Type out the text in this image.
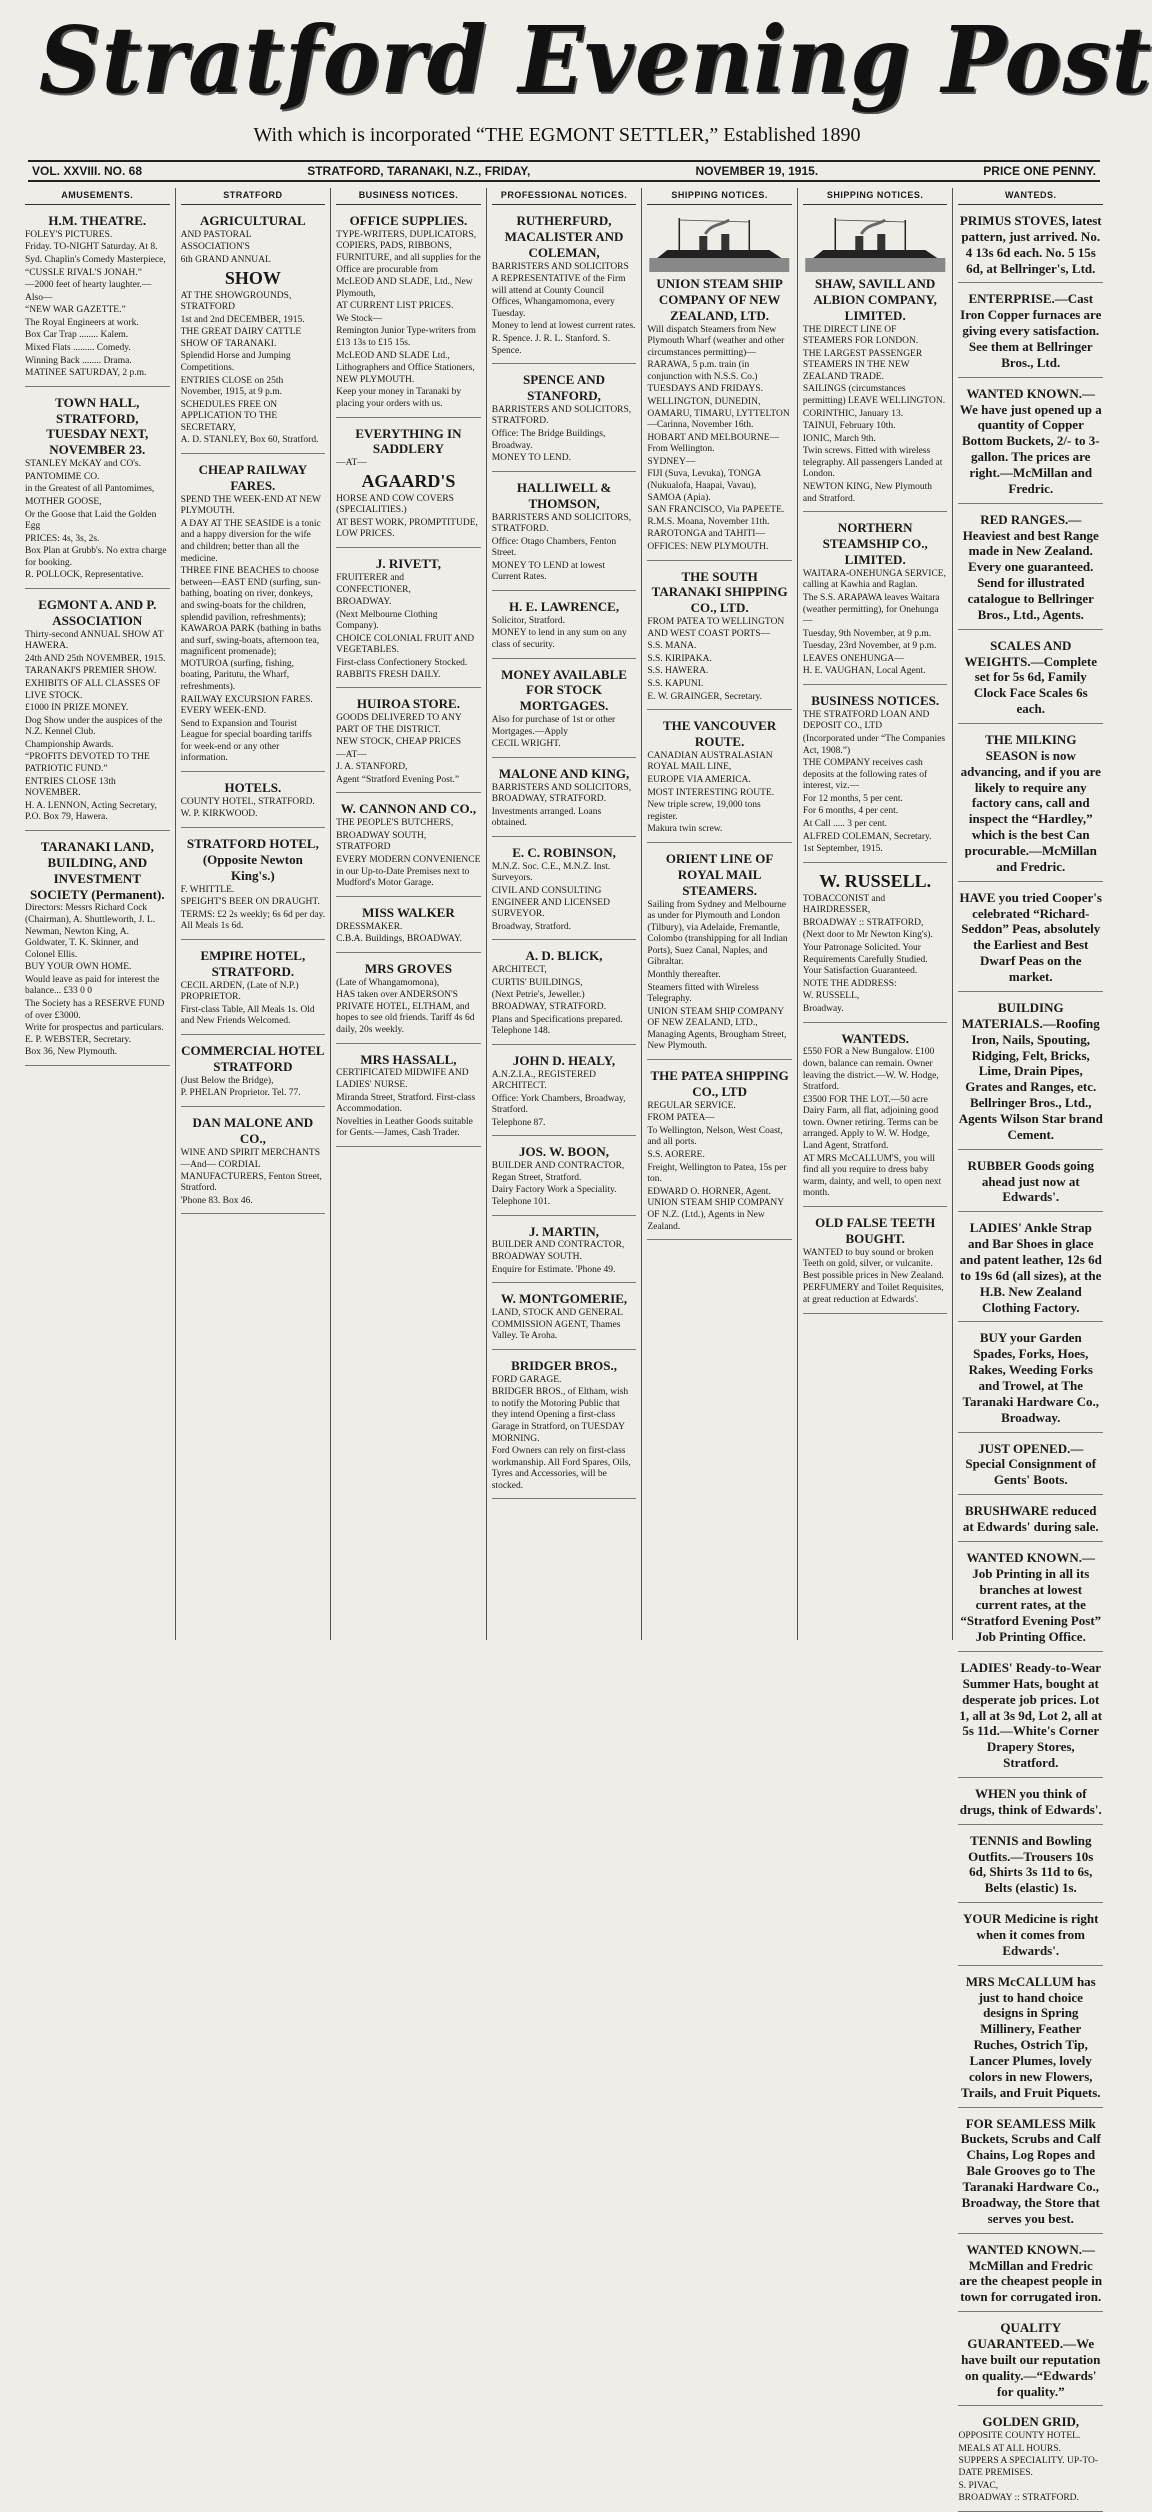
Stratford Evening Post
With which is incorporated “THE EGMONT SETTLER,” Established 1890
VOL. XXVIII. NO. 68	STRATFORD, TARANAKI, N.Z., FRIDAY,	NOVEMBER 19, 1915.	PRICE ONE PENNY.
AMUSEMENTS.

H.M. THEATRE.

FOLEY'S PICTURES.

Friday. TO-NIGHT Saturday. At 8.

Syd. Chaplin's Comedy Masterpiece,

“CUSSLE RIVAL'S JONAH.”

—2000 feet of hearty laughter.—

Also—

“NEW WAR GAZETTE.”

The Royal Engineers at work.

Box Car Trap ........ Kalem.

Mixed Flats ......... Comedy.

Winning Back ........ Drama.

MATINEE SATURDAY, 2 p.m.

TOWN HALL, STRATFORD, TUESDAY NEXT, NOVEMBER 23.

STANLEY McKAY and CO's.

PANTOMIME CO.

in the Greatest of all Pantomimes,

MOTHER GOOSE,

Or the Goose that Laid the Golden Egg

PRICES: 4s, 3s, 2s.

Box Plan at Grubb's. No extra charge for booking.

R. POLLOCK, Representative.

EGMONT A. AND P. ASSOCIATION

Thirty-second ANNUAL SHOW AT HAWERA.

24th AND 25th NOVEMBER, 1915.

TARANAKI'S PREMIER SHOW.

EXHIBITS OF ALL CLASSES OF LIVE STOCK.

£1000 IN PRIZE MONEY.

Dog Show under the auspices of the N.Z. Kennel Club.

Championship Awards.

“PROFITS DEVOTED TO THE PATRIOTIC FUND.”

ENTRIES CLOSE 13th NOVEMBER.

H. A. LENNON, Acting Secretary, P.O. Box 79, Hawera.

TARANAKI LAND, BUILDING, AND INVESTMENT SOCIETY (Permanent).

Directors: Messrs Richard Cock (Chairman), A. Shuttleworth, J. L. Newman, Newton King, A. Goldwater, T. K. Skinner, and Colonel Ellis.

BUY YOUR OWN HOME.

Would leave as paid for interest the balance... £33 0 0

The Society has a RESERVE FUND of over £3000.

Write for prospectus and particulars. E. P. WEBSTER, Secretary.

Box 36, New Plymouth.

STRATFORD

AGRICULTURAL

AND PASTORAL

ASSOCIATION'S

6th GRAND ANNUAL

SHOW

AT THE SHOWGROUNDS, STRATFORD

1st and 2nd DECEMBER, 1915.

THE GREAT DAIRY CATTLE SHOW OF TARANAKI.

Splendid Horse and Jumping Competitions.

ENTRIES CLOSE on 25th November, 1915, at 9 p.m.

SCHEDULES FREE ON APPLICATION TO THE SECRETARY,

A. D. STANLEY, Box 60, Stratford.

CHEAP RAILWAY FARES.

SPEND THE WEEK-END AT NEW PLYMOUTH.

A DAY AT THE SEASIDE is a tonic and a happy diversion for the wife and children; better than all the medicine.

THREE FINE BEACHES to choose between—EAST END (surfing, sun-bathing, boating on river, donkeys, and swing-boats for the children, splendid pavilion, refreshments); KAWAROA PARK (bathing in baths and surf, swing-boats, afternoon tea, magnificent promenade); MOTUROA (surfing, fishing, boating, Paritutu, the Wharf, refreshments).

RAILWAY EXCURSION FARES. EVERY WEEK-END.

Send to Expansion and Tourist League for special boarding tariffs for week-end or any other information.

HOTELS.

COUNTY HOTEL, STRATFORD.

W. P. KIRKWOOD.

STRATFORD HOTEL, (Opposite Newton King's.)

F. WHITTLE.

SPEIGHT'S BEER ON DRAUGHT.

TERMS: £2 2s weekly; 6s 6d per day. All Meals 1s 6d.

EMPIRE HOTEL, STRATFORD.

CECIL ARDEN, (Late of N.P.) PROPRIETOR.

First-class Table, All Meals 1s. Old and New Friends Welcomed.

COMMERCIAL HOTEL STRATFORD

(Just Below the Bridge),

P. PHELAN Proprietor. Tel. 77.

DAN MALONE AND CO.,

WINE AND SPIRIT MERCHANTS

—And— CORDIAL MANUFACTURERS, Fenton Street, Stratford.

'Phone 83. Box 46.

BUSINESS NOTICES.

OFFICE SUPPLIES.

TYPE-WRITERS, DUPLICATORS, COPIERS, PADS, RIBBONS, FURNITURE, and all supplies for the Office are procurable from

McLEOD AND SLADE, Ltd., New Plymouth,

AT CURRENT LIST PRICES.

We Stock—

Remington Junior Type-writers from £13 13s to £15 15s.

McLEOD AND SLADE Ltd.,

Lithographers and Office Stationers, NEW PLYMOUTH.

Keep your money in Taranaki by placing your orders with us.

EVERYTHING IN SADDLERY

—AT—

AGAARD'S

HORSE AND COW COVERS (SPECIALITIES.)

AT BEST WORK, PROMPTITUDE, LOW PRICES.

J. RIVETT,

FRUITERER and CONFECTIONER,

BROADWAY.

(Next Melbourne Clothing Company).

CHOICE COLONIAL FRUIT AND VEGETABLES.

First-class Confectionery Stocked. RABBITS FRESH DAILY.

HUIROA STORE.

GOODS DELIVERED TO ANY PART OF THE DISTRICT.

NEW STOCK, CHEAP PRICES

—AT—

J. A. STANFORD,

Agent “Stratford Evening Post.”

W. CANNON AND CO.,

THE PEOPLE'S BUTCHERS,

BROADWAY SOUTH, STRATFORD

EVERY MODERN CONVENIENCE in our Up-to-Date Premises next to Mudford's Motor Garage.

MISS WALKER

DRESSMAKER.

C.B.A. Buildings, BROADWAY.

MRS GROVES

(Late of Whangamomona),

HAS taken over ANDERSON'S PRIVATE HOTEL, ELTHAM, and hopes to see old friends. Tariff 4s 6d daily, 20s weekly.

MRS HASSALL,

CERTIFICATED MIDWIFE AND LADIES' NURSE.

Miranda Street, Stratford. First-class Accommodation.

Novelties in Leather Goods suitable for Gents.—James, Cash Trader.

PROFESSIONAL NOTICES.

RUTHERFURD, MACALISTER AND COLEMAN,

BARRISTERS AND SOLICITORS

A REPRESENTATIVE of the Firm will attend at County Council Offices, Whangamomona, every Tuesday.

Money to lend at lowest current rates.

R. Spence. J. R. L. Stanford. S. Spence.

SPENCE AND STANFORD,

BARRISTERS AND SOLICITORS, STRATFORD.

Office: The Bridge Buildings, Broadway.

MONEY TO LEND.

HALLIWELL & THOMSON,

BARRISTERS AND SOLICITORS, STRATFORD.

Office: Otago Chambers, Fenton Street.

MONEY TO LEND at lowest Current Rates.

H. E. LAWRENCE,

Solicitor, Stratford.

MONEY to lend in any sum on any class of security.

MONEY AVAILABLE FOR STOCK MORTGAGES.

Also for purchase of 1st or other Mortgages.—Apply

CECIL WRIGHT.

MALONE AND KING,

BARRISTERS AND SOLICITORS, BROADWAY, STRATFORD.

Investments arranged. Loans obtained.

E. C. ROBINSON,

M.N.Z. Soc. C.E., M.N.Z. Inst. Surveyors.

CIVIL AND CONSULTING ENGINEER AND LICENSED SURVEYOR.

Broadway, Stratford.

A. D. BLICK,

ARCHITECT,

CURTIS' BUILDINGS,

(Next Petrie's, Jeweller.) BROADWAY, STRATFORD.

Plans and Specifications prepared. Telephone 148.

JOHN D. HEALY,

A.N.Z.I.A., REGISTERED ARCHITECT.

Office: York Chambers, Broadway, Stratford.

Telephone 87.

JOS. W. BOON,

BUILDER AND CONTRACTOR, Regan Street, Stratford.

Dairy Factory Work a Speciality. Telephone 101.

J. MARTIN,

BUILDER AND CONTRACTOR, BROADWAY SOUTH.

Enquire for Estimate. 'Phone 49.

W. MONTGOMERIE,

LAND, STOCK AND GENERAL COMMISSION AGENT, Thames Valley. Te Aroha.

BRIDGER BROS.,

FORD GARAGE.

BRIDGER BROS., of Eltham, wish to notify the Motoring Public that they intend Opening a first-class Garage in Stratford, on TUESDAY MORNING.

Ford Owners can rely on first-class workmanship. All Ford Spares, Oils, Tyres and Accessories, will be stocked.

SHIPPING NOTICES.

UNION STEAM SHIP COMPANY OF NEW ZEALAND, LTD.

Will dispatch Steamers from New Plymouth Wharf (weather and other circumstances permitting)—

RARAWA, 5 p.m. train (in conjunction with N.S.S. Co.)

TUESDAYS AND FRIDAYS.

WELLINGTON, DUNEDIN, OAMARU, TIMARU, LYTTELTON—Carinna, November 16th.

HOBART AND MELBOURNE—From Wellington.

SYDNEY—

FIJI (Suva, Levuka), TONGA (Nukualofa, Haapai, Vavau), SAMOA (Apia).

SAN FRANCISCO, Via PAPEETE. R.M.S. Moana, November 11th.

RAROTONGA and TAHITI—

OFFICES: NEW PLYMOUTH.

THE SOUTH TARANAKI SHIPPING CO., LTD.

FROM PATEA TO WELLINGTON AND WEST COAST PORTS—

S.S. MANA.

S.S. KIRIPAKA.

S.S. HAWERA.

S.S. KAPUNI.

E. W. GRAINGER, Secretary.

THE VANCOUVER ROUTE.

CANADIAN AUSTRALASIAN ROYAL MAIL LINE,

EUROPE VIA AMERICA.

MOST INTERESTING ROUTE.

New triple screw, 19,000 tons register.

Makura twin screw.

ORIENT LINE OF ROYAL MAIL STEAMERS.

Sailing from Sydney and Melbourne as under for Plymouth and London (Tilbury), via Adelaide, Fremantle, Colombo (transhipping for all Indian Ports), Suez Canal, Naples, and Gibraltar.

Monthly thereafter.

Steamers fitted with Wireless Telegraphy.

UNION STEAM SHIP COMPANY OF NEW ZEALAND, LTD., Managing Agents, Brougham Street, New Plymouth.

THE PATEA SHIPPING CO., LTD

REGULAR SERVICE.

FROM PATEA—

To Wellington, Nelson, West Coast, and all ports.

S.S. AORERE.

Freight, Wellington to Patea, 15s per ton.

EDWARD O. HORNER, Agent. UNION STEAM SHIP COMPANY OF N.Z. (Ltd.), Agents in New Zealand.

SHIPPING NOTICES.

SHAW, SAVILL AND ALBION COMPANY, LIMITED.

THE DIRECT LINE OF STEAMERS FOR LONDON.

THE LARGEST PASSENGER STEAMERS IN THE NEW ZEALAND TRADE.

SAILINGS (circumstances permitting) LEAVE WELLINGTON.

CORINTHIC, January 13.

TAINUI, February 10th.

IONIC, March 9th.

Twin screws. Fitted with wireless telegraphy. All passengers Landed at London.

NEWTON KING, New Plymouth and Stratford.

NORTHERN STEAMSHIP CO., LIMITED.

WAITARA-ONEHUNGA SERVICE, calling at Kawhia and Raglan.

The S.S. ARAPAWA leaves Waitara (weather permitting), for Onehunga—

Tuesday, 9th November, at 9 p.m.

Tuesday, 23rd November, at 9 p.m.

LEAVES ONEHUNGA—

H. E. VAUGHAN, Local Agent.

BUSINESS NOTICES.

THE STRATFORD LOAN AND DEPOSIT CO., LTD

(Incorporated under “The Companies Act, 1908.”)

THE COMPANY receives cash deposits at the following rates of interest, viz.—

For 12 months, 5 per cent.

For 6 months, 4 per cent.

At Call ..... 3 per cent.

ALFRED COLEMAN, Secretary.

1st September, 1915.

W. RUSSELL.

TOBACCONIST and HAIRDRESSER,

BROADWAY :: STRATFORD,

(Next door to Mr Newton King's).

Your Patronage Solicited. Your Requirements Carefully Studied. Your Satisfaction Guaranteed.

NOTE THE ADDRESS:

W. RUSSELL,

Broadway.

WANTEDS.

£550 FOR a New Bungalow. £100 down, balance can remain. Owner leaving the district.—W. W. Hodge, Stratford.

£3500 FOR THE LOT.—50 acre Dairy Farm, all flat, adjoining good town. Owner retiring. Terms can be arranged. Apply to W. W. Hodge, Land Agent, Stratford.

AT MRS McCALLUM'S, you will find all you require to dress baby warm, dainty, and well, to open next month.

OLD FALSE TEETH BOUGHT.

WANTED to buy sound or broken Teeth on gold, silver, or vulcanite. Best possible prices in New Zealand.

PERFUMERY and Toilet Requisites, at great reduction at Edwards'.

WANTEDS.

PRIMUS STOVES, latest pattern, just arrived. No. 4 13s 6d each. No. 5 15s 6d, at Bellringer's, Ltd.

ENTERPRISE.—Cast Iron Copper furnaces are giving every satisfaction. See them at Bellringer Bros., Ltd.

WANTED KNOWN.—We have just opened up a quantity of Copper Bottom Buckets, 2/- to 3-gallon. The prices are right.—McMillan and Fredric.

RED RANGES.—Heaviest and best Range made in New Zealand. Every one guaranteed. Send for illustrated catalogue to Bellringer Bros., Ltd., Agents.

SCALES AND WEIGHTS.—Complete set for 5s 6d, Family Clock Face Scales 6s each.

THE MILKING SEASON is now advancing, and if you are likely to require any factory cans, call and inspect the “Hardley,” which is the best Can procurable.—McMillan and Fredric.

HAVE you tried Cooper's celebrated “Richard-Seddon” Peas, absolutely the Earliest and Best Dwarf Peas on the market.

BUILDING MATERIALS.—Roofing Iron, Nails, Spouting, Ridging, Felt, Bricks, Lime, Drain Pipes, Grates and Ranges, etc. Bellringer Bros., Ltd., Agents Wilson Star brand Cement.

RUBBER Goods going ahead just now at Edwards'.

LADIES' Ankle Strap and Bar Shoes in glace and patent leather, 12s 6d to 19s 6d (all sizes), at the H.B. New Zealand Clothing Factory.

BUY your Garden Spades, Forks, Hoes, Rakes, Weeding Forks and Trowel, at The Taranaki Hardware Co., Broadway.

JUST OPENED.—Special Consignment of Gents' Boots.

BRUSHWARE reduced at Edwards' during sale.

WANTED KNOWN.—Job Printing in all its branches at lowest current rates, at the “Stratford Evening Post” Job Printing Office.

LADIES' Ready-to-Wear Summer Hats, bought at desperate job prices. Lot 1, all at 3s 9d, Lot 2, all at 5s 11d.—White's Corner Drapery Stores, Stratford.

WHEN you think of drugs, think of Edwards'.

TENNIS and Bowling Outfits.—Trousers 10s 6d, Shirts 3s 11d to 6s, Belts (elastic) 1s.

YOUR Medicine is right when it comes from Edwards'.

MRS McCALLUM has just to hand choice designs in Spring Millinery, Feather Ruches, Ostrich Tip, Lancer Plumes, lovely colors in new Flowers, Trails, and Fruit Piquets.

FOR SEAMLESS Milk Buckets, Scrubs and Calf Chains, Log Ropes and Bale Grooves go to The Taranaki Hardware Co., Broadway, the Store that serves you best.

WANTED KNOWN.—McMillan and Fredric are the cheapest people in town for corrugated iron.

QUALITY GUARANTEED.—We have built our reputation on quality.—“Edwards' for quality.”

GOLDEN GRID,

OPPOSITE COUNTY HOTEL.

MEALS AT ALL HOURS.

SUPPERS A SPECIALITY. UP-TO-DATE PREMISES.

S. PIVAC,

BROADWAY :: STRATFORD.
